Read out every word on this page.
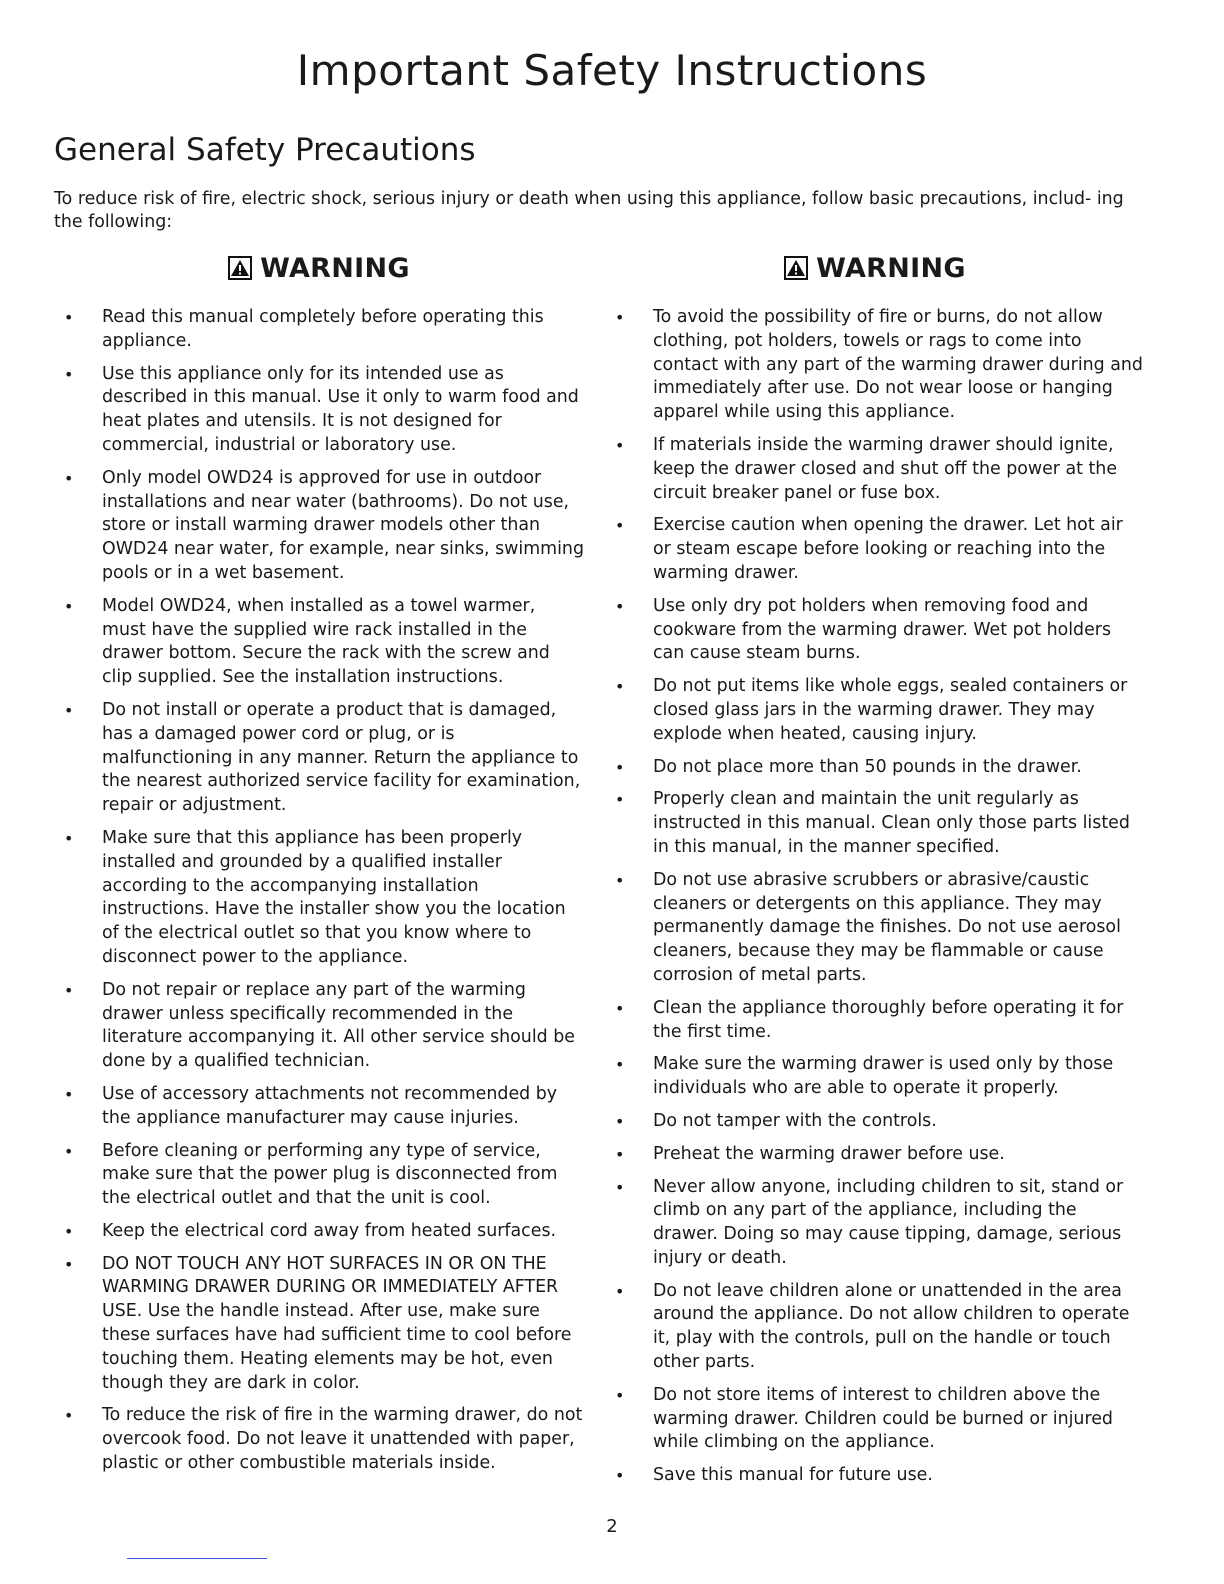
Important Safety Instructions
General Safety Precautions

To reduce risk of fire, electric shock, serious injury or death when using this appliance, follow basic precautions, includ- ing the following:

WARNING
• Read this manual completely before operating this appliance.
• Use this appliance only for its intended use as described in this manual. Use it only to warm food and heat plates and utensils. It is not designed for commercial, industrial or laboratory use.
• Only model OWD24 is approved for use in outdoor installations and near water (bathrooms). Do not use, store or install warming drawer models other than OWD24 near water, for example, near sinks, swimming pools or in a wet basement.
• Model OWD24, when installed as a towel warmer, must have the supplied wire rack installed in the drawer bottom. Secure the rack with the screw and clip supplied. See the installation instructions.
• Do not install or operate a product that is damaged, has a damaged power cord or plug, or is malfunctioning in any manner. Return the appliance to the nearest authorized service facility for examination, repair or adjustment.
• Make sure that this appliance has been properly installed and grounded by a qualified installer according to the accompanying installation instructions. Have the installer show you the location of the electrical outlet so that you know where to disconnect power to the appliance.
• Do not repair or replace any part of the warming drawer unless specifically recommended in the literature accompanying it. All other service should be done by a qualified technician.
• Use of accessory attachments not recommended by the appliance manufacturer may cause injuries.
• Before cleaning or performing any type of service, make sure that the power plug is disconnected from the electrical outlet and that the unit is cool.
• Keep the electrical cord away from heated surfaces.
• DO NOT TOUCH ANY HOT SURFACES IN OR ON THE WARMING DRAWER DURING OR IMMEDIATELY AFTER USE. Use the handle instead. After use, make sure these surfaces have had sufficient time to cool before touching them. Heating elements may be hot, even though they are dark in color.
• To reduce the risk of fire in the warming drawer, do not overcook food. Do not leave it unattended with paper, plastic or other combustible materials inside.
WARNING
• To avoid the possibility of fire or burns, do not allow clothing, pot holders, towels or rags to come into contact with any part of the warming drawer during and immediately after use. Do not wear loose or hanging apparel while using this appliance.
• If materials inside the warming drawer should ignite, keep the drawer closed and shut off the power at the circuit breaker panel or fuse box.
• Exercise caution when opening the drawer. Let hot air or steam escape before looking or reaching into the warming drawer.
• Use only dry pot holders when removing food and cookware from the warming drawer. Wet pot holders can cause steam burns.
• Do not put items like whole eggs, sealed containers or closed glass jars in the warming drawer. They may explode when heated, causing injury.
• Do not place more than 50 pounds in the drawer.
• Properly clean and maintain the unit regularly as instructed in this manual. Clean only those parts listed in this manual, in the manner specified.
• Do not use abrasive scrubbers or abrasive/caustic cleaners or detergents on this appliance. They may permanently damage the finishes. Do not use aerosol cleaners, because they may be flammable or cause corrosion of metal parts.
• Clean the appliance thoroughly before operating it for the first time.
• Make sure the warming drawer is used only by those individuals who are able to operate it properly.
• Do not tamper with the controls.
• Preheat the warming drawer before use.
• Never allow anyone, including children to sit, stand or climb on any part of the appliance, including the drawer. Doing so may cause tipping, damage, serious injury or death.
• Do not leave children alone or unattended in the area around the appliance. Do not allow children to operate it, play with the controls, pull on the handle or touch other parts.
• Do not store items of interest to children above the warming drawer. Children could be burned or injured while climbing on the appliance.
• Save this manual for future use.
2
